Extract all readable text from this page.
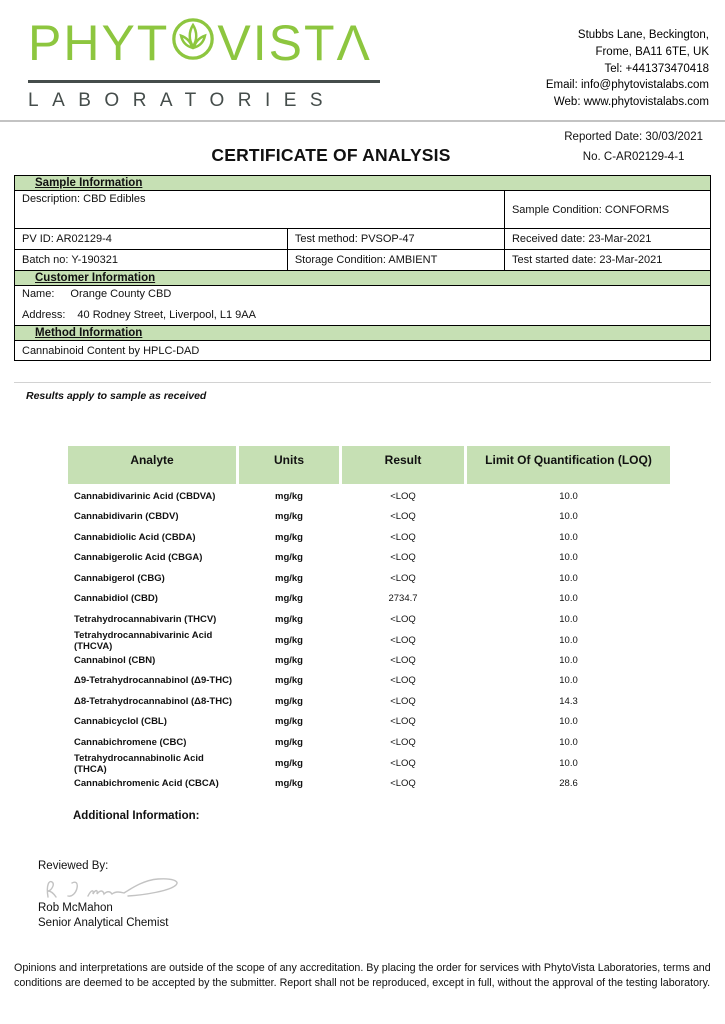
PHYT VISTΛ
LABORATORIES
Stubbs Lane, Beckington,
Frome, BA11 6TE, UK
Tel: +441373470418
Email: info@phytovistalabs.com
Web: www.phytovistalabs.com
CERTIFICATE OF ANALYSIS
Reported Date: 30/03/2021
No. C-AR02129-4-1
Sample Information
Description: CBD Edibles		Sample Condition: CONFORMS
PV ID: AR02129-4	Test method: PVSOP-47	Received date: 23-Mar-2021
Batch no: Y-190321	Storage Condition: AMBIENT	Test started date: 23-Mar-2021
Customer Information
Name: Orange County CBD
Address: 40 Rodney Street, Liverpool, L1 9AA
Method Information
Cannabinoid Content by HPLC-DAD
Results apply to sample as received
Analyte	Units	Result	Limit Of Quantification (LOQ)
Cannabidivarinic Acid (CBDVA)	mg/kg	<LOQ	10.0
Cannabidivarin (CBDV)	mg/kg	<LOQ	10.0
Cannabidiolic Acid (CBDA)	mg/kg	<LOQ	10.0
Cannabigerolic Acid (CBGA)	mg/kg	<LOQ	10.0
Cannabigerol (CBG)	mg/kg	<LOQ	10.0
Cannabidiol (CBD)	mg/kg	2734.7	10.0
Tetrahydrocannabivarin (THCV)	mg/kg	<LOQ	10.0
Tetrahydrocannabivarinic Acid (THCVA)	mg/kg	<LOQ	10.0
Cannabinol (CBN)	mg/kg	<LOQ	10.0
Δ9-Tetrahydrocannabinol (Δ9-THC)	mg/kg	<LOQ	10.0
Δ8-Tetrahydrocannabinol (Δ8-THC)	mg/kg	<LOQ	14.3
Cannabicyclol (CBL)	mg/kg	<LOQ	10.0
Cannabichromene (CBC)	mg/kg	<LOQ	10.0
Tetrahydrocannabinolic Acid (THCA)	mg/kg	<LOQ	10.0
Cannabichromenic Acid (CBCA)	mg/kg	<LOQ	28.6
Additional Information:
Reviewed By:
Rob McMahon
Senior Analytical Chemist
Opinions and interpretations are outside of the scope of any accreditation. By placing the order for services with PhytoVista Laboratories, terms and conditions are deemed to be accepted by the submitter. Report shall not be reproduced, except in full, without the approval of the testing laboratory.
